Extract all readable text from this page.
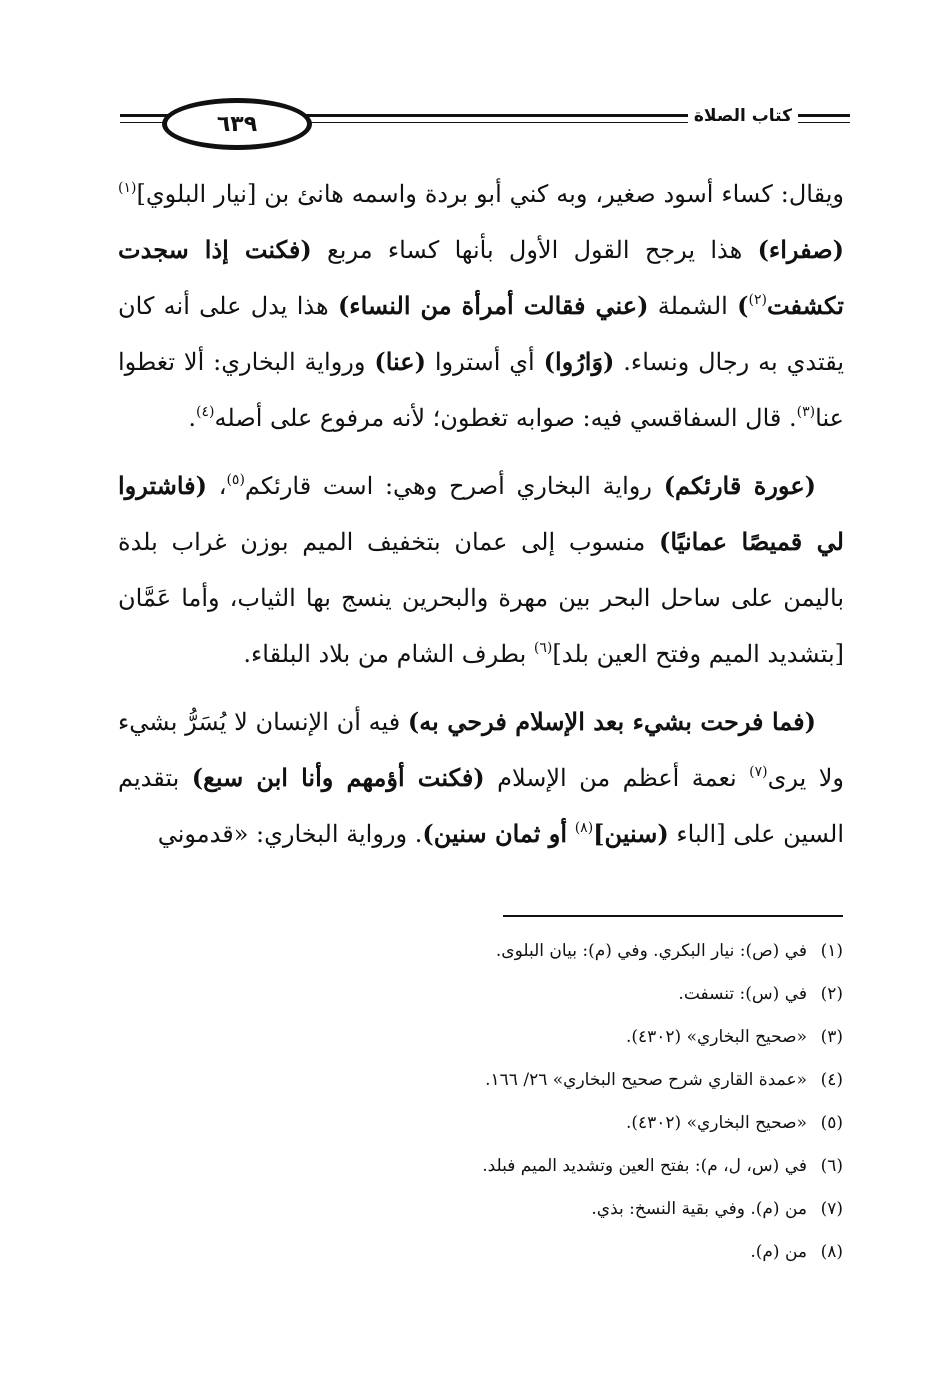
٦٣٩	كتاب الصلاة

ويقال: كساء أسود صغير، وبه كني أبو بردة واسمه هانئ بن [نيار البلوي]$^{(١)}$ (صفراء) هذا يرجح القول الأول بأنها كساء مربع (فكنت إذا سجدت تكشفت$^{(٢)}$) الشملة (عني فقالت أمرأة من النساء) هذا يدل على أنه كان يقتدي به رجال ونساء. (وَارُوا) أي أستروا (عنا) ورواية البخاري: ألا تغطوا عنا$^{(٣)}$. قال السفاقسي فيه: صوابه تغطون؛ لأنه مرفوع على أصله$^{(٤)}$.

(عورة قارئكم) رواية البخاري أصرح وهي: است قارئكم$^{(٥)}$، (فاشتروا لي قميصًا عمانيًا) منسوب إلى عمان بتخفيف الميم بوزن غراب بلدة باليمن على ساحل البحر بين مهرة والبحرين ينسج بها الثياب، وأما عَمَّان [بتشديد الميم وفتح العين بلد]$^{(٦)}$ بطرف الشام من بلاد البلقاء.

(فما فرحت بشيء بعد الإسلام فرحي به) فيه أن الإنسان لا يُسَرُّ بشيء ولا يرى$^{(٧)}$ نعمة أعظم من الإسلام (فكنت أؤمهم وأنا ابن سبع) بتقديم السين على [الباء (سنين]$^{(٨)}$ أو ثمان سنين). ورواية البخاري: «قدموني

(١)في (ص): نيار البكري. وفي (م): بيان البلوى.
(٢)في (س): تنسفت.
(٣)«صحيح البخاري» (٤٣٠٢).
(٤)«عمدة القاري شرح صحيح البخاري» ٢٦/ ١٦٦.
(٥)«صحيح البخاري» (٤٣٠٢).
(٦)في (س، ل، م): بفتح العين وتشديد الميم فبلد.
(٧)من (م). وفي بقية النسخ: بذي.
(٨)من (م).
